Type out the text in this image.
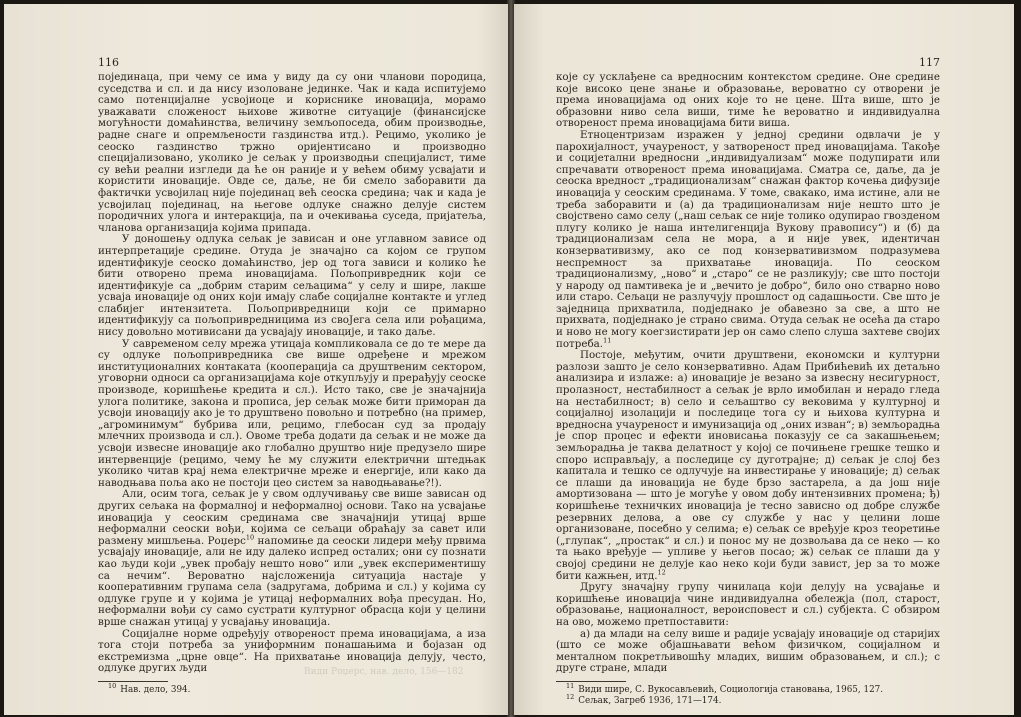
116

појединаца, при чему се има у виду да су они чланови породица, суседства и сл. и да нису изоловане јединке. Чак и када испитујемо само потенцијалне усвојиоце и кориснике иновација, морамо уважавати сложеност њихове животне ситуације (финансијске могућности домаћинства, величину земљопоседа, обим производње, радне снаге и опремљености газдинства итд.). Рецимо, уколико је сеоско газдинство тржно оријентисано и производно специјализовано, уколико је сељак у производњи специјалист, тиме су већи реални изгледи да ће он раније и у већем обиму усвајати и користити иновације. Овде се, даље, не би смело заборавити да фактички усвојилац није појединац већ сеоска средина; чак и када је усвојилац појединац, на његове одлуке снажно делује систем породичних улога и интеракција, па и очекивања суседа, пријатеља, чланова организација којима припада.

У доношењу одлука сељак је зависан и оне углавном зависе од интерпретације средине. Отуда је значајно са којом се групом идентификује сеоско домаћинство, јер од тога зависи и колико ће бити отворено према иновацијама. Пољопривредник који се идентификује са „добрим старим сељацима“ у селу и шире, лакше усваја иновације од оних који имају слабе социјалне контакте и углед слабијег интензитета. Пољопривредници који се примарно идентификују са пољопривредницима из своЈега села или рођацима, нису довољно мотивисани да усвајају иновације, и тако даље.

У савременом селу мрежа утицаја компликовала се до те мере да су одлуке пољопривредника све више одређене и мрежом институционалних контаката (кооперација са друштвеним сектором, уговорни односи са организацијама које откупљују и прерађују сеоске производе, коришћење кредита и сл.). Исто тако, све је значајнија улога политике, закона и прописа, јер сељак може бити приморан да усвоји иновацију ако је то друштвено повољно и потребно (на пример, „агроминимум“ бубрива или, рецимо, глебосан суд за продају млечних производа и сл.). Овоме треба додати да сељак и не може да усвоји извесне иновације ако глобално друштво није предузело шире интервенције (рецимо, чему ће му служити електрични штедњак уколико читав крај нема електричне мреже и енергије, или како да наводњава поља ако не постоји цео систем за наводњавање?!).

Али, осим тога, сељак је у свом одлучивању све више зависан од других сељака на формалној и неформалној основи. Тако на усвајање иновација у сеоским срединама све значајнији утицај врше неформални сеоски вођи, којима се сељаци обраћају за савет или размену мишљења. Роџерс$^{10}$ напомиње да сеоски лидери међу првима усвајају иновације, али не иду далеко испред осталих; они су познати као људи који „увек пробају нешто ново“ или „увек експериментишу са нечим“. Вероватно најсложенија ситуација настаје у кооперативним групама села (задругама, добрима и сл.) у којима су одлуке групе и у којима је утицај неформалних вођа пресудан. Но, неформални вођи су само сустрати културног обрасца који у целини врше снажан утицај у усвајању иновација.

Социјалне норме одређују отвореност према иновацијама, а иза тога стоји потреба за униформним понашањима и бојазан од екстремизма „црне овце“. На прихватање иновација делују, често, одлуке других људи

$^{10}$ Нав. дело, 394.
Види Роџерс, нав. дело, 156—182
117

које су усклађене са вредносним контекстом средине. Оне средине које високо цене знање и образовање, вероватно су отворени је према иновацијама од оних које то не цене. Шта више, што је образовни ниво села виши, тиме ће вероватно и индивидуална отвореност према иновацијама бити виша.

Етноцентризам изражен у једној средини одвлачи је у парохијалност, учауреност, у затвореност пред иновацијама. Такође и социјетални вредносни „индивидуализам“ може подупирати или спречавати отвореност према иновацијама. Сматра се, даље, да је сеоска вредност „традиционализам“ снажан фактор кочења дифузије иновација у сеоским срединама. У томе, свакако, има истине, али не треба заборавити и (а) да традиционализам није нешто што је својствено само селу („наш сељак се није толико одупирао гвозденом плугу колико је наша интелигенција Вукову правопису“) и (б) да традиционализам села не мора, а и није увек, идентичан конзервативизму, ако се под конзервативизмом подразумева неспремност за прихватање иновација. По сеоском традиционализму, „ново“ и „старо“ се не разликују; све што постоји у народу од памтивека је и „вечито је добро“, било оно стварно ново или старо. Сељаци не разлучују прошлост од садашњости. Све што је заједница прихватила, подједнако је обавезно за све, а што не прихвата, подједнако је страно свима. Отуда сељак не осећа да старо и ново не могу коегзистирати јер он само слепо слуша захтеве својих потреба.$^{11}$

Постоје, међутим, очити друштвени, економски и културни разлози зашто је село конзервативно. Адам Прибићевић их детаљно анализира и излаже: а) иновације је везано за извесну несигурност, пролазност, нестабилност а сељак је врло имобилан и нерадо гледа на нестабилност; в) село и сељаштво су вековима у културној и социјалној изолацији и последице тога су и њихова културна и вредносна учауреност и имунизација од „оних изван“; в) земљорадња је спор процес и ефекти иновисања показују се са закашњењем; земљорадња је таква делатност у којој се почињене грешке тешко и споро исправљају, а последице су дуготрајне; д) сељак је слој без капитала и тешко се одлучује на инвестирање у иновације; д) сељак се плаши да иновација не буде брзо застарела, а да још није амортизована — што је могуће у овом добу интензивних промена; ђ) коришћење техничких иновација је тесно зависно од добре службе резервних делова, а ове су службе у нас у целини лоше организоване, посебно у селима; е) сељак се вређује кроз теоретиње („глупак“, „простак“ и сл.) и понос му не дозвољава да се неко — ко та њако вређује — упливе у његов посао; ж) сељак се плаши да у својој средини не делује као неко који буди завист, јер за то може бити кажњен, итд.$^{12}$

Другу значајну групу чинилаца који делују на усвајање и коришћење иновација чине индивидуална обележја (пол, старост, образовање, националност, вероисповест и сл.) субјекта. С обзиром на ово, можемо претпоставити:

а) да млади на селу више и радије усвајају иновације од старијих (што се може објашњавати већом физичком, социјалном и менталном покретљивошћу младих, вишим образовањем, и сл.); с друге стране, млади

$^{11}$ Види шире, С. Вукосављевић, Социологија становања, 1965, 127.
$^{12}$ Сељак, Загреб 1936, 171—174.
